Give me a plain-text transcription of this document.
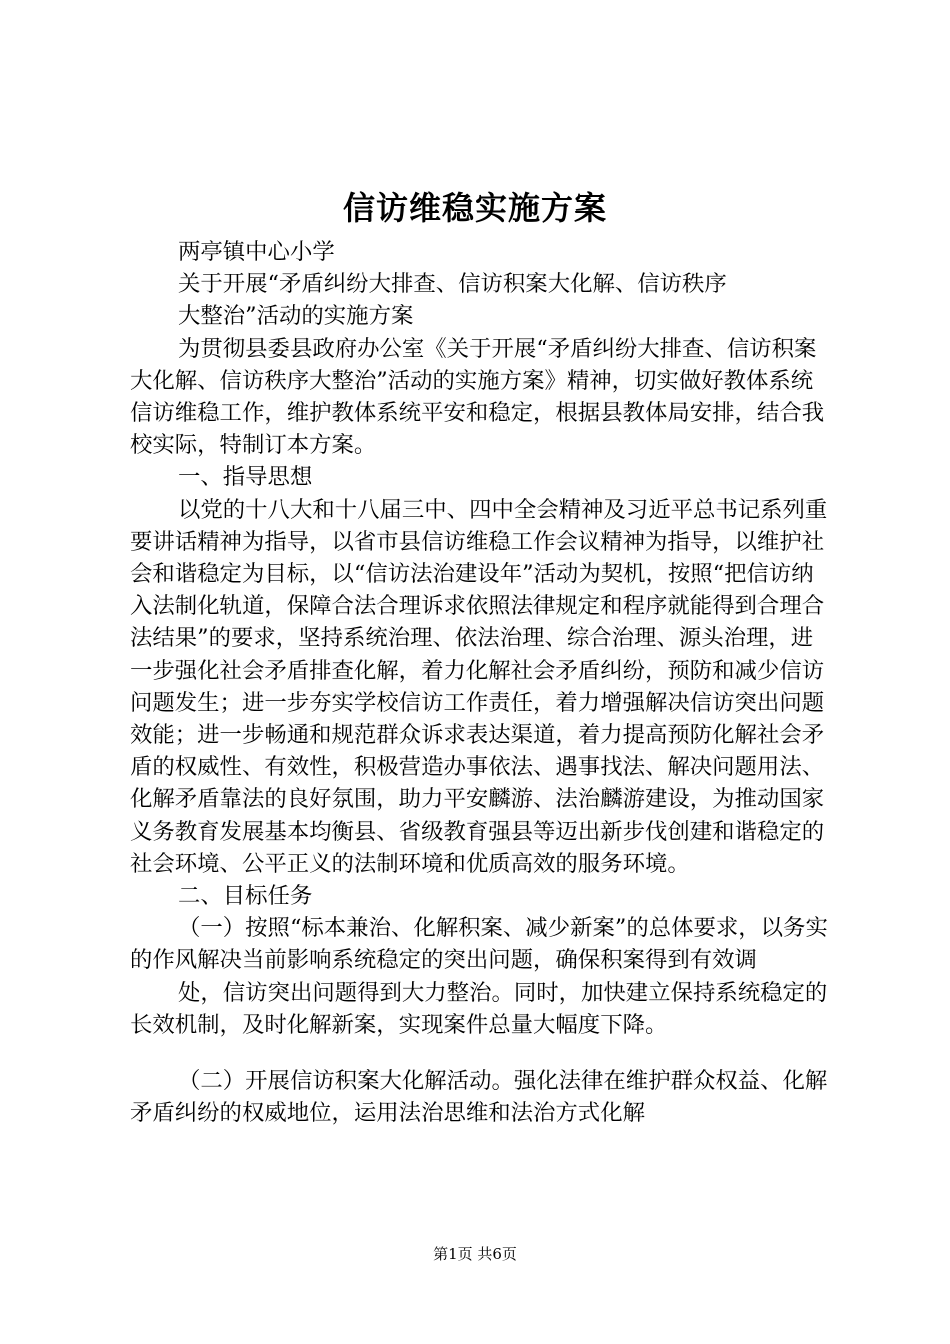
信访维稳实施方案

两亭镇中心小学

关于开展“矛盾纠纷大排查、信访积案大化解、信访秩序

大整治”活动的实施方案

为贯彻县委县政府办公室《关于开展“矛盾纠纷大排查、信访积案大化解、信访秩序大整治”活动的实施方案》精神，切实做好教体系统信访维稳工作，维护教体系统平安和稳定，根据县教体局安排，结合我校实际，特制订本方案。

一、指导思想

以党的十八大和十八届三中、四中全会精神及习近平总书记系列重要讲话精神为指导，以省市县信访维稳工作会议精神为指导，以维护社会和谐稳定为目标，以“信访法治建设年”活动为契机，按照“把信访纳入法制化轨道，保障合法合理诉求依照法律规定和程序就能得到合理合法结果”的要求，坚持系统治理、依法治理、综合治理、源头治理，进一步强化社会矛盾排查化解，着力化解社会矛盾纠纷，预防和减少信访问题发生；进一步夯实学校信访工作责任，着力增强解决信访突出问题效能；进一步畅通和规范群众诉求表达渠道，着力提高预防化解社会矛盾的权威性、有效性，积极营造办事依法、遇事找法、解决问题用法、化解矛盾靠法的良好氛围，助力平安麟游、法治麟游建设，为推动国家义务教育发展基本均衡县、省级教育强县等迈出新步伐创建和谐稳定的社会环境、公平正义的法制环境和优质高效的服务环境。

二、目标任务

（一）按照“标本兼治、化解积案、减少新案”的总体要求，以务实的作风解决当前影响系统稳定的突出问题，确保积案得到有效调

处，信访突出问题得到大力整治。同时，加快建立保持系统稳定的长效机制，及时化解新案，实现案件总量大幅度下降。

（二）开展信访积案大化解活动。强化法律在维护群众权益、化解矛盾纠纷的权威地位，运用法治思维和法治方式化解

第1页 共6页
